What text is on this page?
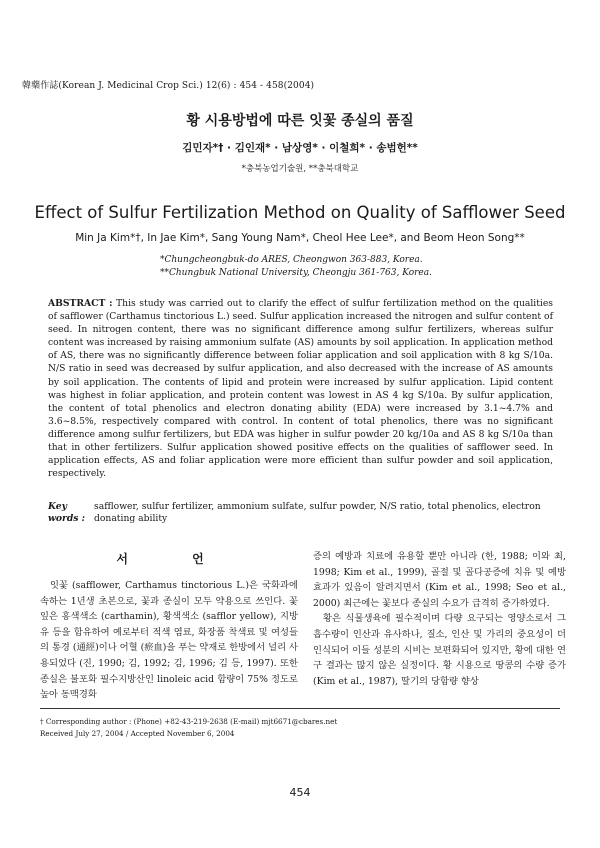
韓藥作誌(Korean J. Medicinal Crop Sci.) 12(6) : 454 - 458(2004)
황 시용방법에 따른 잇꽃 종실의 품질
김민자*† · 김인재* · 남상영* · 이철희* · 송범헌**
*충북농업기술원, **충북대학교
Effect of Sulfur Fertilization Method on Quality of Safflower Seed
Min Ja Kim*†, In Jae Kim*, Sang Young Nam*, Cheol Hee Lee*, and Beom Heon Song**
*Chungcheongbuk-do ARES, Cheongwon 363-883, Korea.
**Chungbuk National University, Cheongju 361-763, Korea.
ABSTRACT : This study was carried out to clarify the effect of sulfur fertilization method on the qualities of safflower (Carthamus tinctorious L.) seed. Sulfur application increased the nitrogen and sulfur content of seed. In nitrogen content, there was no significant difference among sulfur fertilizers, whereas sulfur content was increased by raising ammonium sulfate (AS) amounts by soil application. In application method of AS, there was no significantly difference between foliar application and soil application with 8 kg S/10a. N/S ratio in seed was decreased by sulfur application, and also decreased with the increase of AS amounts by soil application. The contents of lipid and protein were increased by sulfur application. Lipid content was highest in foliar application, and protein content was lowest in AS 4 kg S/10a. By sulfur application, the content of total phenolics and electron donating ability (EDA) were increased by 3.1~4.7% and 3.6~8.5%, respectively compared with control. In content of total phenolics, there was no significant difference among sulfur fertilizers, but EDA was higher in sulfur powder 20 kg/10a and AS 8 kg S/10a than that in other fertilizers. Sulfur application showed positive effects on the qualities of safflower seed. In application effects, AS and foliar application were more efficient than sulfur powder and soil application, respectively.
Key words :safflower, sulfur fertilizer, ammonium sulfate, sulfur powder, N/S ratio, total phenolics, electron donating ability
서 언

잇꽃 (safflower, Carthamus tinctorious L.)은 국화과에 속하는 1년생 초본으로, 꽃과 종실이 모두 약용으로 쓰인다. 꽃잎은 홍색색소 (carthamin), 황색색소 (safflor yellow), 지방유 등을 함유하여 예로부터 적색 염료, 화장품 착색료 및 여성들의 통경 (通經)이나 어혈 (瘀血)을 푸는 약재로 한방에서 널리 사용되었다 (진, 1990; 김, 1992; 김, 1996; 김 등, 1997). 또한 종실은 불포화 필수지방산인 linoleic acid 함량이 75% 정도로 높아 동맥경화

증의 예방과 치료에 유용할 뿐만 아니라 (한, 1988; 이와 최, 1998; Kim et al., 1999), 골절 및 골다공증에 치유 및 예방효과가 있음이 알려지면서 (Kim et al., 1998; Seo et al., 2000) 최근에는 꽃보다 종실의 수요가 급격히 증가하였다.

황은 식물생육에 필수적이며 다량 요구되는 영양소로서 그 흡수량이 인산과 유사하나, 질소, 인산 및 가리의 중요성이 더 인식되어 이들 성분의 시비는 보편화되어 있지만, 황에 대한 연구 결과는 많지 않은 실정이다. 황 시용으로 땅콩의 수량 증가 (Kim et al., 1987), 딸기의 당함량 향상

† Corresponding author : (Phone) +82-43-219-2638 (E-mail) mjt6671@cbares.net
Received July 27, 2004 / Accepted November 6, 2004
454
